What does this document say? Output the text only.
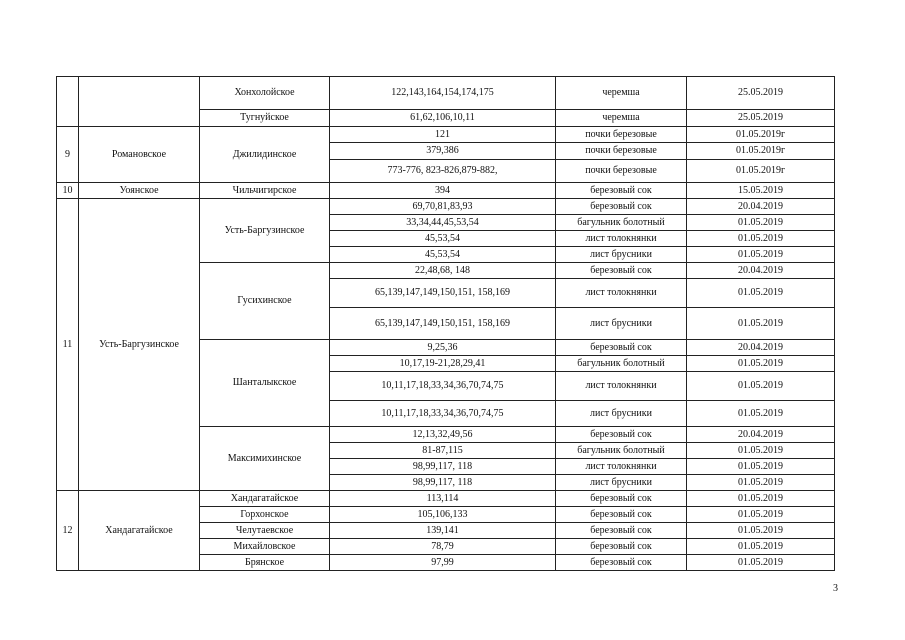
		Хонхолойское	122,143,164,154,174,175	черемша	25.05.2019
		Тугнуйское	61,62,106,10,11	черемша	25.05.2019
9	Романовское	Джилидинское	121	почки березовые	01.05.2019г
			379,386	почки березовые	01.05.2019г
			773-776, 823-826,879-882,	почки березовые	01.05.2019г
10	Уоянское	Чильчигирское	394	березовый сок	15.05.2019
11	Усть-Баргузинское	Усть-Баргузинское	69,70,81,83,93	березовый сок	20.04.2019
			33,34,44,45,53,54	багульник болотный	01.05.2019
			45,53,54	лист толокнянки	01.05.2019
			45,53,54	лист брусники	01.05.2019
		Гусихинское	22,48,68, 148	березовый сок	20.04.2019
			65,139,147,149,150,151, 158,169	лист толокнянки	01.05.2019
			65,139,147,149,150,151, 158,169	лист брусники	01.05.2019
		Шанталыкское	9,25,36	березовый сок	20.04.2019
			10,17,19-21,28,29,41	багульник болотный	01.05.2019
			10,11,17,18,33,34,36,70,74,75	лист толокнянки	01.05.2019
			10,11,17,18,33,34,36,70,74,75	лист брусники	01.05.2019
		Максимихинское	12,13,32,49,56	березовый сок	20.04.2019
			81-87,115	багульник болотный	01.05.2019
			98,99,117, 118	лист толокнянки	01.05.2019
			98,99,117, 118	лист брусники	01.05.2019
12	Хандагатайское	Хандагатайское	113,114	березовый сок	01.05.2019
		Горхонское	105,106,133	березовый сок	01.05.2019
		Челутаевское	139,141	березовый сок	01.05.2019
		Михайловское	78,79	березовый сок	01.05.2019
		Брянское	97,99	березовый сок	01.05.2019
3
